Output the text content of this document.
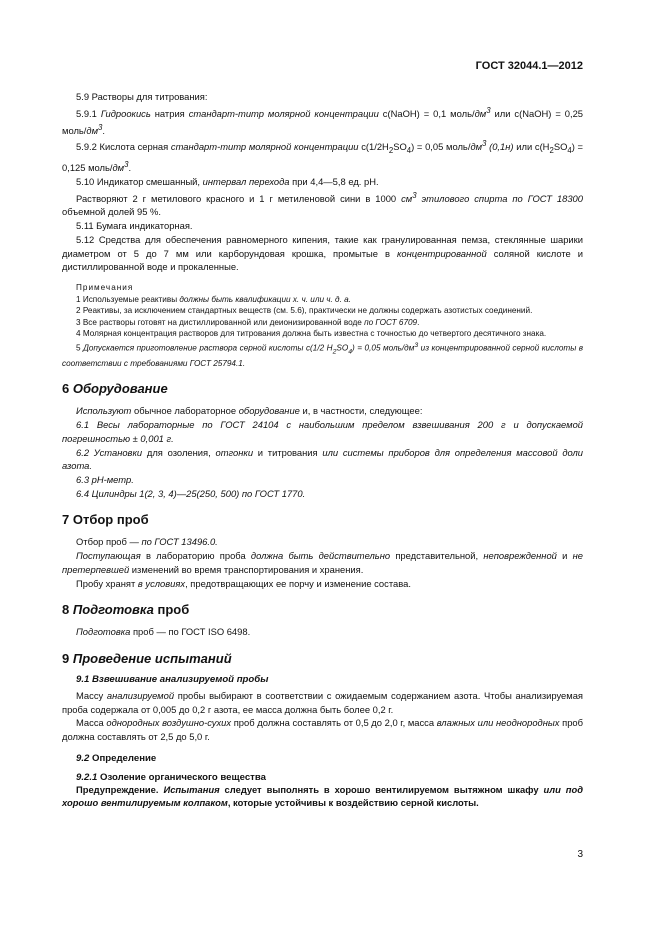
ГОСТ 32044.1—2012

5.9 Растворы для титрования:

5.9.1 Гидроокись натрия стандарт-титр молярной концентрации c(NaOH) = 0,1 моль/$дм^3$ или c(NaOH) = 0,25 моль/$дм^3$.

5.9.2 Кислота серная стандарт-титр молярной концентрации $c(1/2H_2SO_4) = 0,05$ моль/$дм^3$ (0,1н) или $c(H_2SO_4) = 0,125$ моль/$дм^3$.

5.10 Индикатор смешанный, интервал перехода при 4,4—5,8 ед. pH.

Растворяют 2 г метилового красного и 1 г метиленовой сини в 1000 $см^3$ этилового спирта по ГОСТ 18300 объемной долей 95 %.

5.11 Бумага индикаторная.

5.12 Средства для обеспечения равномерного кипения, такие как гранулированная пемза, стеклянные шарики диаметром от 5 до 7 мм или карборундовая крошка, промытые в концентрированной соляной кислоте и дистиллированной воде и прокаленные.

Примечания

1 Используемые реактивы должны быть квалификации х. ч. или ч. д. а.

2 Реактивы, за исключением стандартных веществ (см. 5.6), практически не должны содержать азотистых соединений.

3 Все растворы готовят на дистиллированной или деионизированной воде по ГОСТ 6709.

4 Молярная концентрация растворов для титрования должна быть известна с точностью до четвертого десятичного знака.

5 Допускается приготовление раствора серной кислоты c(1/2 $H_2SO_4) = 0,05$ моль/$дм^3$ из концентрированной серной кислоты в соответствии с требованиями ГОСТ 25794.1.

6 Оборудование

Используют обычное лабораторное оборудование и, в частности, следующее:

6.1 Весы лабораторные по ГОСТ 24104 с наибольшим пределом взвешивания 200 г и допускаемой погрешностью ± 0,001 г.

6.2 Установки для озоления, отгонки и титрования или системы приборов для определения массовой доли азота.

6.3 pH-метр.

6.4 Цилиндры 1(2, 3, 4)—25(250, 500) по ГОСТ 1770.

7 Отбор проб

Отбор проб — по ГОСТ 13496.0.

Поступающая в лабораторию проба должна быть действительно представительной, неповрежденной и не претерпевшей изменений во время транспортирования и хранения.

Пробу хранят в условиях, предотвращающих ее порчу и изменение состава.

8 Подготовка проб

Подготовка проб — по ГОСТ ISO 6498.

9 Проведение испытаний
9.1 Взвешивание анализируемой пробы

Массу анализируемой пробы выбирают в соответствии с ожидаемым содержанием азота. Чтобы анализируемая проба содержала от 0,005 до 0,2 г азота, ее масса должна быть более 0,2 г.

Масса однородных воздушно-сухих проб должна составлять от 0,5 до 2,0 г, масса влажных или неоднородных проб должна составлять от 2,5 до 5,0 г.

9.2 Определение
9.2.1 Озоление органического вещества

Предупреждение. Испытания следует выполнять в хорошо вентилируемом вытяжном шкафу или под хорошо вентилируемым колпаком, которые устойчивы к воздействию серной кислоты.

3
